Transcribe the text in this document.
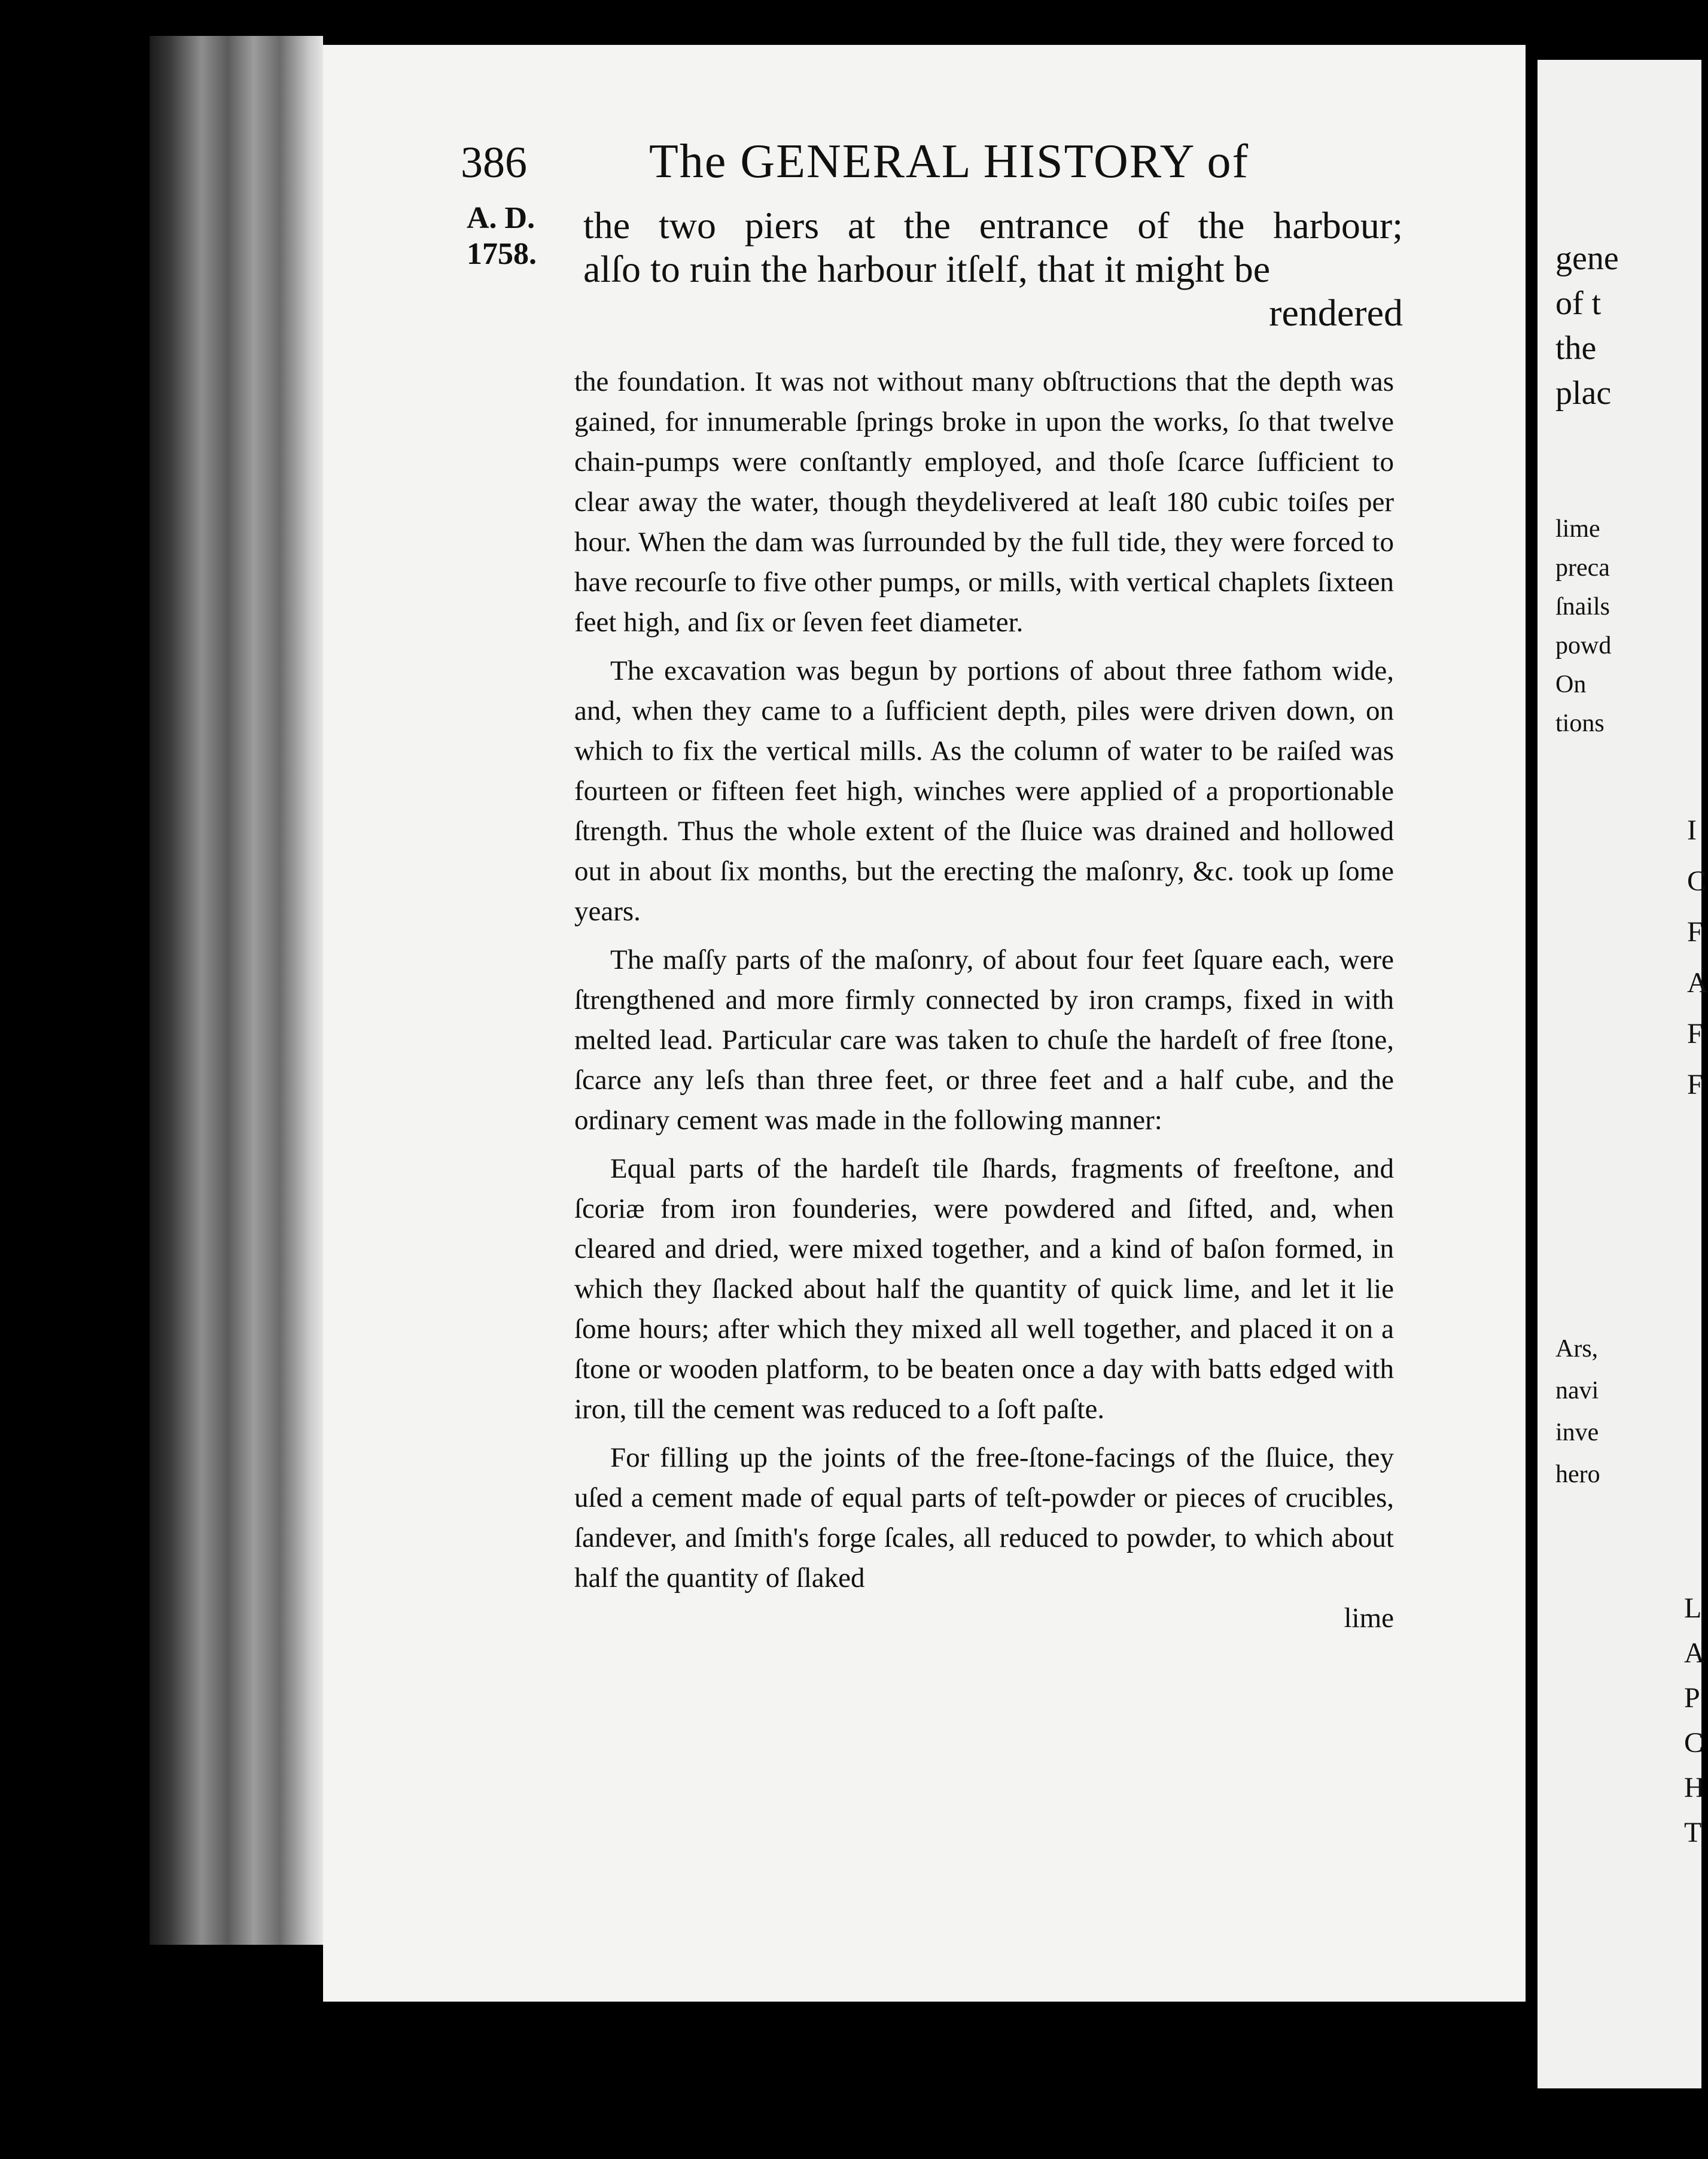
386	The GENERAL HISTORY of
A. D.
1758.
the two piers at the entrance of the harbour;
alſo to ruin the harbour itſelf, that it might be
rendered

the foundation. It was not without many obſtructions that the depth was gained, for innumerable ſprings broke in upon the works, ſo that twelve chain-pumps were conſtantly employed, and thoſe ſcarce ſufficient to clear away the water, though theydelivered at leaſt 180 cubic toiſes per hour. When the dam was ſurrounded by the full tide, they were forced to have recourſe to five other pumps, or mills, with vertical chaplets ſixteen feet high, and ſix or ſeven feet diameter.

The excavation was begun by portions of about three fathom wide, and, when they came to a ſufficient depth, piles were driven down, on which to fix the vertical mills. As the column of water to be raiſed was fourteen or fifteen feet high, winches were applied of a proportionable ſtrength. Thus the whole extent of the ſluice was drained and hollowed out in about ſix months, but the erecting the maſonry, &c. took up ſome years.

The maſſy parts of the maſonry, of about four feet ſquare each, were ſtrengthened and more firmly connected by iron cramps, fixed in with melted lead. Particular care was taken to chuſe the hardeſt of free ſtone, ſcarce any leſs than three feet, or three feet and a half cube, and the ordinary cement was made in the following manner:

Equal parts of the hardeſt tile ſhards, fragments of freeſtone, and ſcoriæ from iron founderies, were powdered and ſifted, and, when cleared and dried, were mixed together, and a kind of baſon formed, in which they ſlacked about half the quantity of quick lime, and let it lie ſome hours; after which they mixed all well together, and placed it on a ſtone or wooden platform, to be beaten once a day with batts edged with iron, till the cement was reduced to a ſoft paſte.

For filling up the joints of the free-ſtone-facings of the ſluice, they uſed a cement made of equal parts of teſt-powder or pieces of crucibles, ſandever, and ſmith's forge ſcales, all reduced to powder, to which about half the quantity of ſlaked

lime
gene
of t
the
plac
lime
preca
ſnails
powd
On
tions
I
C
F
A
F
F
Ars,
navi
inve
hero
L
A
P
C
H
T
